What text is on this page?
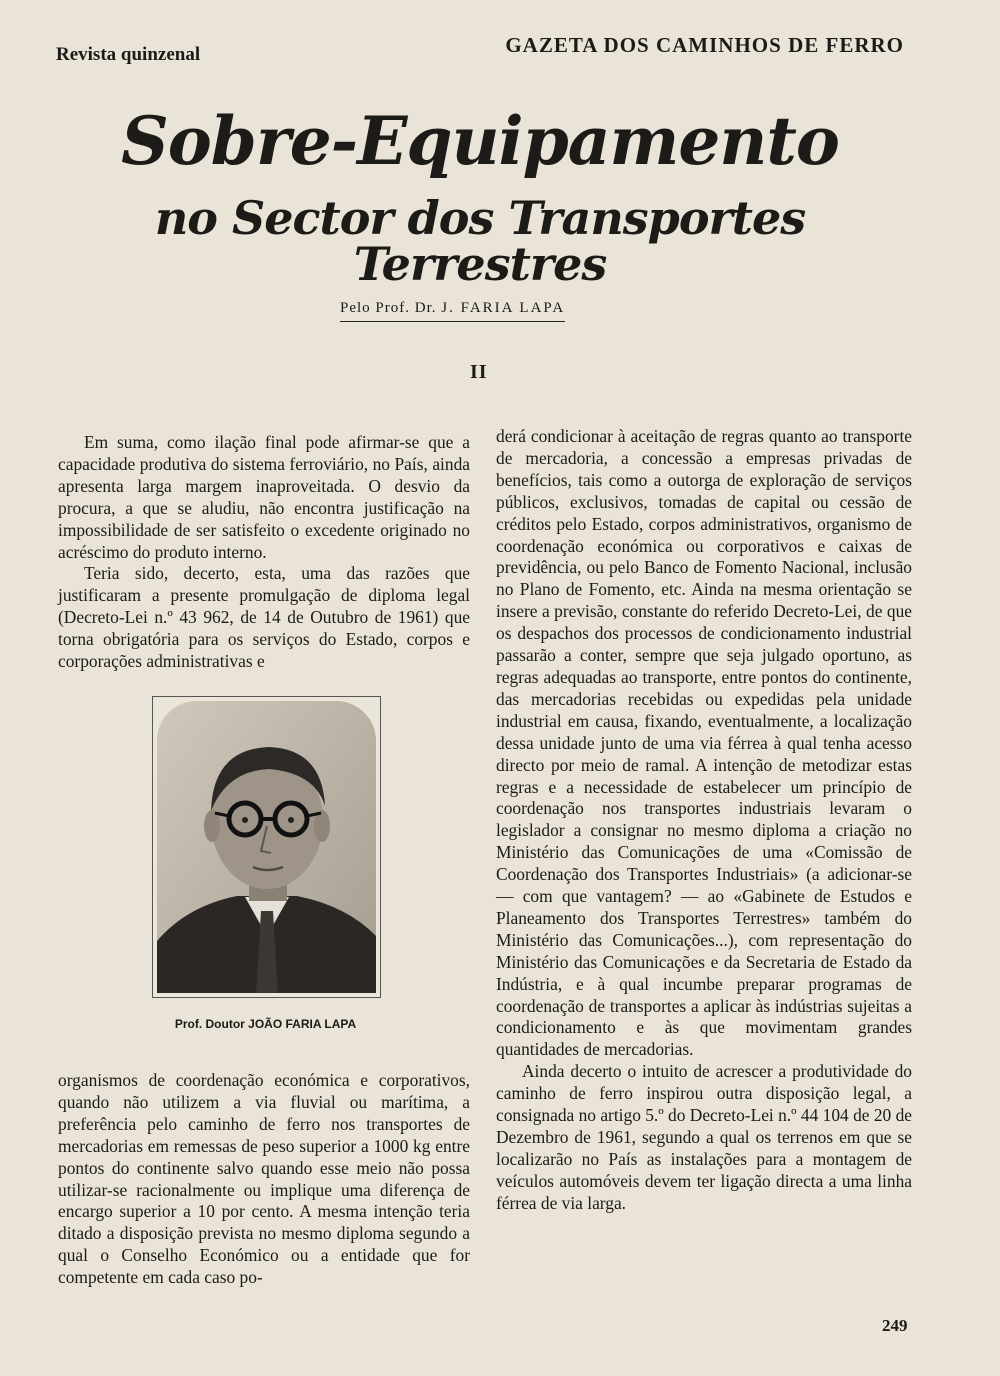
Revista quinzenal	GAZETA DOS CAMINHOS DE FERRO
Sobre-Equipamento
no Sector dos Transportes Terrestres
Pelo Prof. Dr. J. FARIA LAPA
II

Em suma, como ilação final pode afirmar-se que a capacidade produtiva do sistema ferroviário, no País, ainda apresenta larga margem inaproveitada. O desvio da procura, a que se aludiu, não encontra justificação na impossibilidade de ser satisfeito o excedente originado no acréscimo do produto interno.

Teria sido, decerto, esta, uma das razões que justificaram a presente promulgação de diploma legal (Decreto-Lei n.º 43 962, de 14 de Outubro de 1961) que torna obrigatória para os serviços do Estado, corpos e corporações administrativas e

Prof. Doutor JOÃO FARIA LAPA

organismos de coordenação económica e corporativos, quando não utilizem a via fluvial ou marítima, a preferência pelo caminho de ferro nos transportes de mercadorias em remessas de peso superior a 1000 kg entre pontos do continente salvo quando esse meio não possa utilizar-se racionalmente ou implique uma diferença de encargo superior a 10 por cento. A mesma intenção teria ditado a disposição prevista no mesmo diploma segundo a qual o Conselho Económico ou a entidade que for competente em cada caso po-

derá condicionar à aceitação de regras quanto ao transporte de mercadoria, a concessão a empresas privadas de benefícios, tais como a outorga de exploração de serviços públicos, exclusivos, tomadas de capital ou cessão de créditos pelo Estado, corpos administrativos, organismo de coordenação económica ou corporativos e caixas de previdência, ou pelo Banco de Fomento Nacional, inclusão no Plano de Fomento, etc. Ainda na mesma orientação se insere a previsão, constante do referido Decreto-Lei, de que os despachos dos processos de condicionamento industrial passarão a conter, sempre que seja julgado oportuno, as regras adequadas ao transporte, entre pontos do continente, das mercadorias recebidas ou expedidas pela unidade industrial em causa, fixando, eventualmente, a localização dessa unidade junto de uma via férrea à qual tenha acesso directo por meio de ramal. A intenção de metodizar estas regras e a necessidade de estabelecer um princípio de coordenação nos transportes industriais levaram o legislador a consignar no mesmo diploma a criação no Ministério das Comunicações de uma «Comissão de Coordenação dos Transportes Industriais» (a adicionar-se — com que vantagem? — ao «Gabinete de Estudos e Planeamento dos Transportes Terrestres» também do Ministério das Comunicações...), com representação do Ministério das Comunicações e da Secretaria de Estado da Indústria, e à qual incumbe preparar programas de coordenação de transportes a aplicar às indústrias sujeitas a condicionamento e às que movimentam grandes quantidades de mercadorias.

Ainda decerto o intuito de acrescer a produtividade do caminho de ferro inspirou outra disposição legal, a consignada no artigo 5.º do Decreto-Lei n.º 44 104 de 20 de Dezembro de 1961, segundo a qual os terrenos em que se localizarão no País as instalações para a montagem de veículos automóveis devem ter ligação directa a uma linha férrea de via larga.

249
